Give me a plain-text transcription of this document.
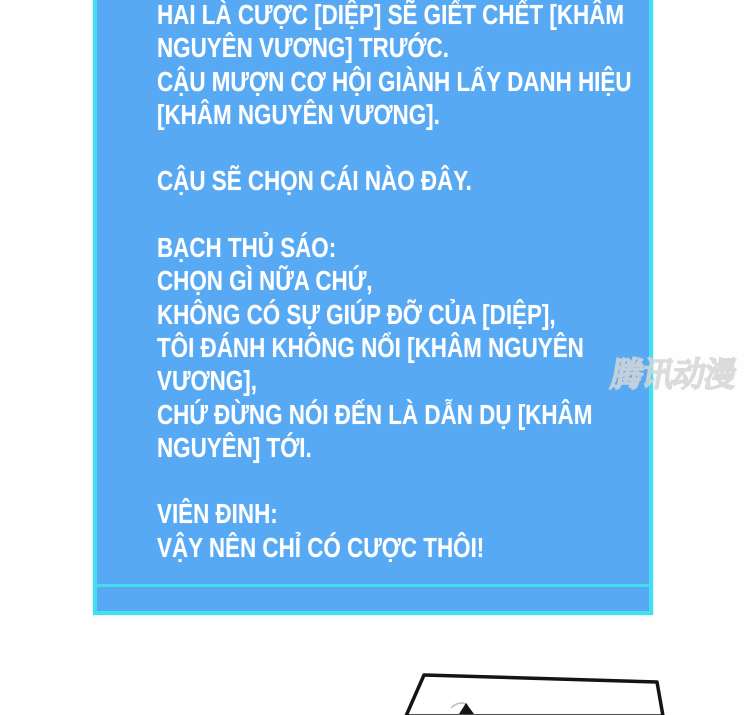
HAI LÀ CƯỢC [DIỆP] SẼ GIẾT CHẾT [KHÂM
NGUYÊN VƯƠNG] TRƯỚC.
CẬU MƯỢN CƠ HỘI GIÀNH LẤY DANH HIỆU
[KHÂM NGUYÊN VƯƠNG].

CẬU SẼ CHỌN CÁI NÀO ĐÂY.

BẠCH THỦ SÁO:
CHỌN GÌ NỮA CHỨ,
KHÔNG CÓ SỰ GIÚP ĐỠ CỦA [DIỆP],
TÔI ĐÁNH KHÔNG NỔI [KHÂM NGUYÊN
VƯƠNG],
CHỨ ĐỪNG NÓI ĐẾN LÀ DẪN DỤ [KHÂM
NGUYÊN] TỚI.

VIÊN ĐINH:
VẬY NÊN CHỈ CÓ CƯỢC THÔI!
腾讯动漫
